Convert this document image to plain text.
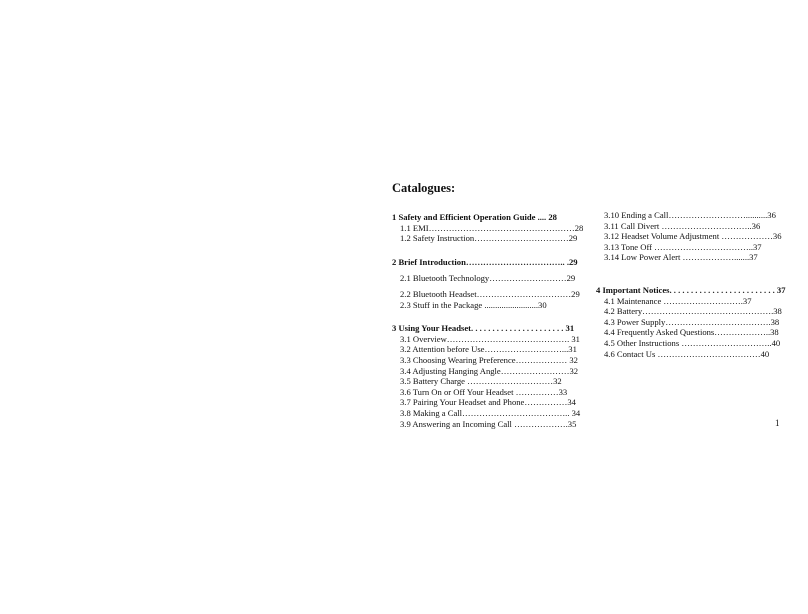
Catalogues:
1 Safety and Efficient Operation Guide .... 28
1.1 EMI……………………………………………28
1.2 Safety Instruction……………………………29
2 Brief Introduction…………………………….. .29
2.1 Bluetooth Technology………………………29
2.2 Bluetooth Headset……………………………29
2.3 Stuff in the Package .........................30
3 Using Your Headset. . . . . . . . . . . . . . . . . . . . . . 31
3.1 Overview……………………………………. 31
3.2 Attention before Use………………………...31
3.3 Choosing Wearing Preference……………… 32
3.4 Adjusting Hanging Angle……………………32
3.5 Battery Charge …………………………32
3.6 Turn On or Off Your Headset ……………33
3.7 Pairing Your Headset and Phone……………34
3.8 Making a Call……………………………….. 34
3.9 Answering an Incoming Call ……………….35
3.10 Ending a Call………………………..........36
3.11 Call Divert …………………………..36
3.12 Headset Volume Adjustment ………………36
3.13 Tone Off ……………………………..37
3.14 Low Power Alert ……………….......37
4 Important Notices. . . . . . . . . . . . . . . . . . . . . . . . . 37
4.1 Maintenance ……………………….37
4.2 Battery……………………………………….38
4.3 Power Supply……………………………….38
4.4 Frequently Asked Questions………………..38
4.5 Other Instructions …………………………..40
4.6 Contact Us ………………………………40
1
